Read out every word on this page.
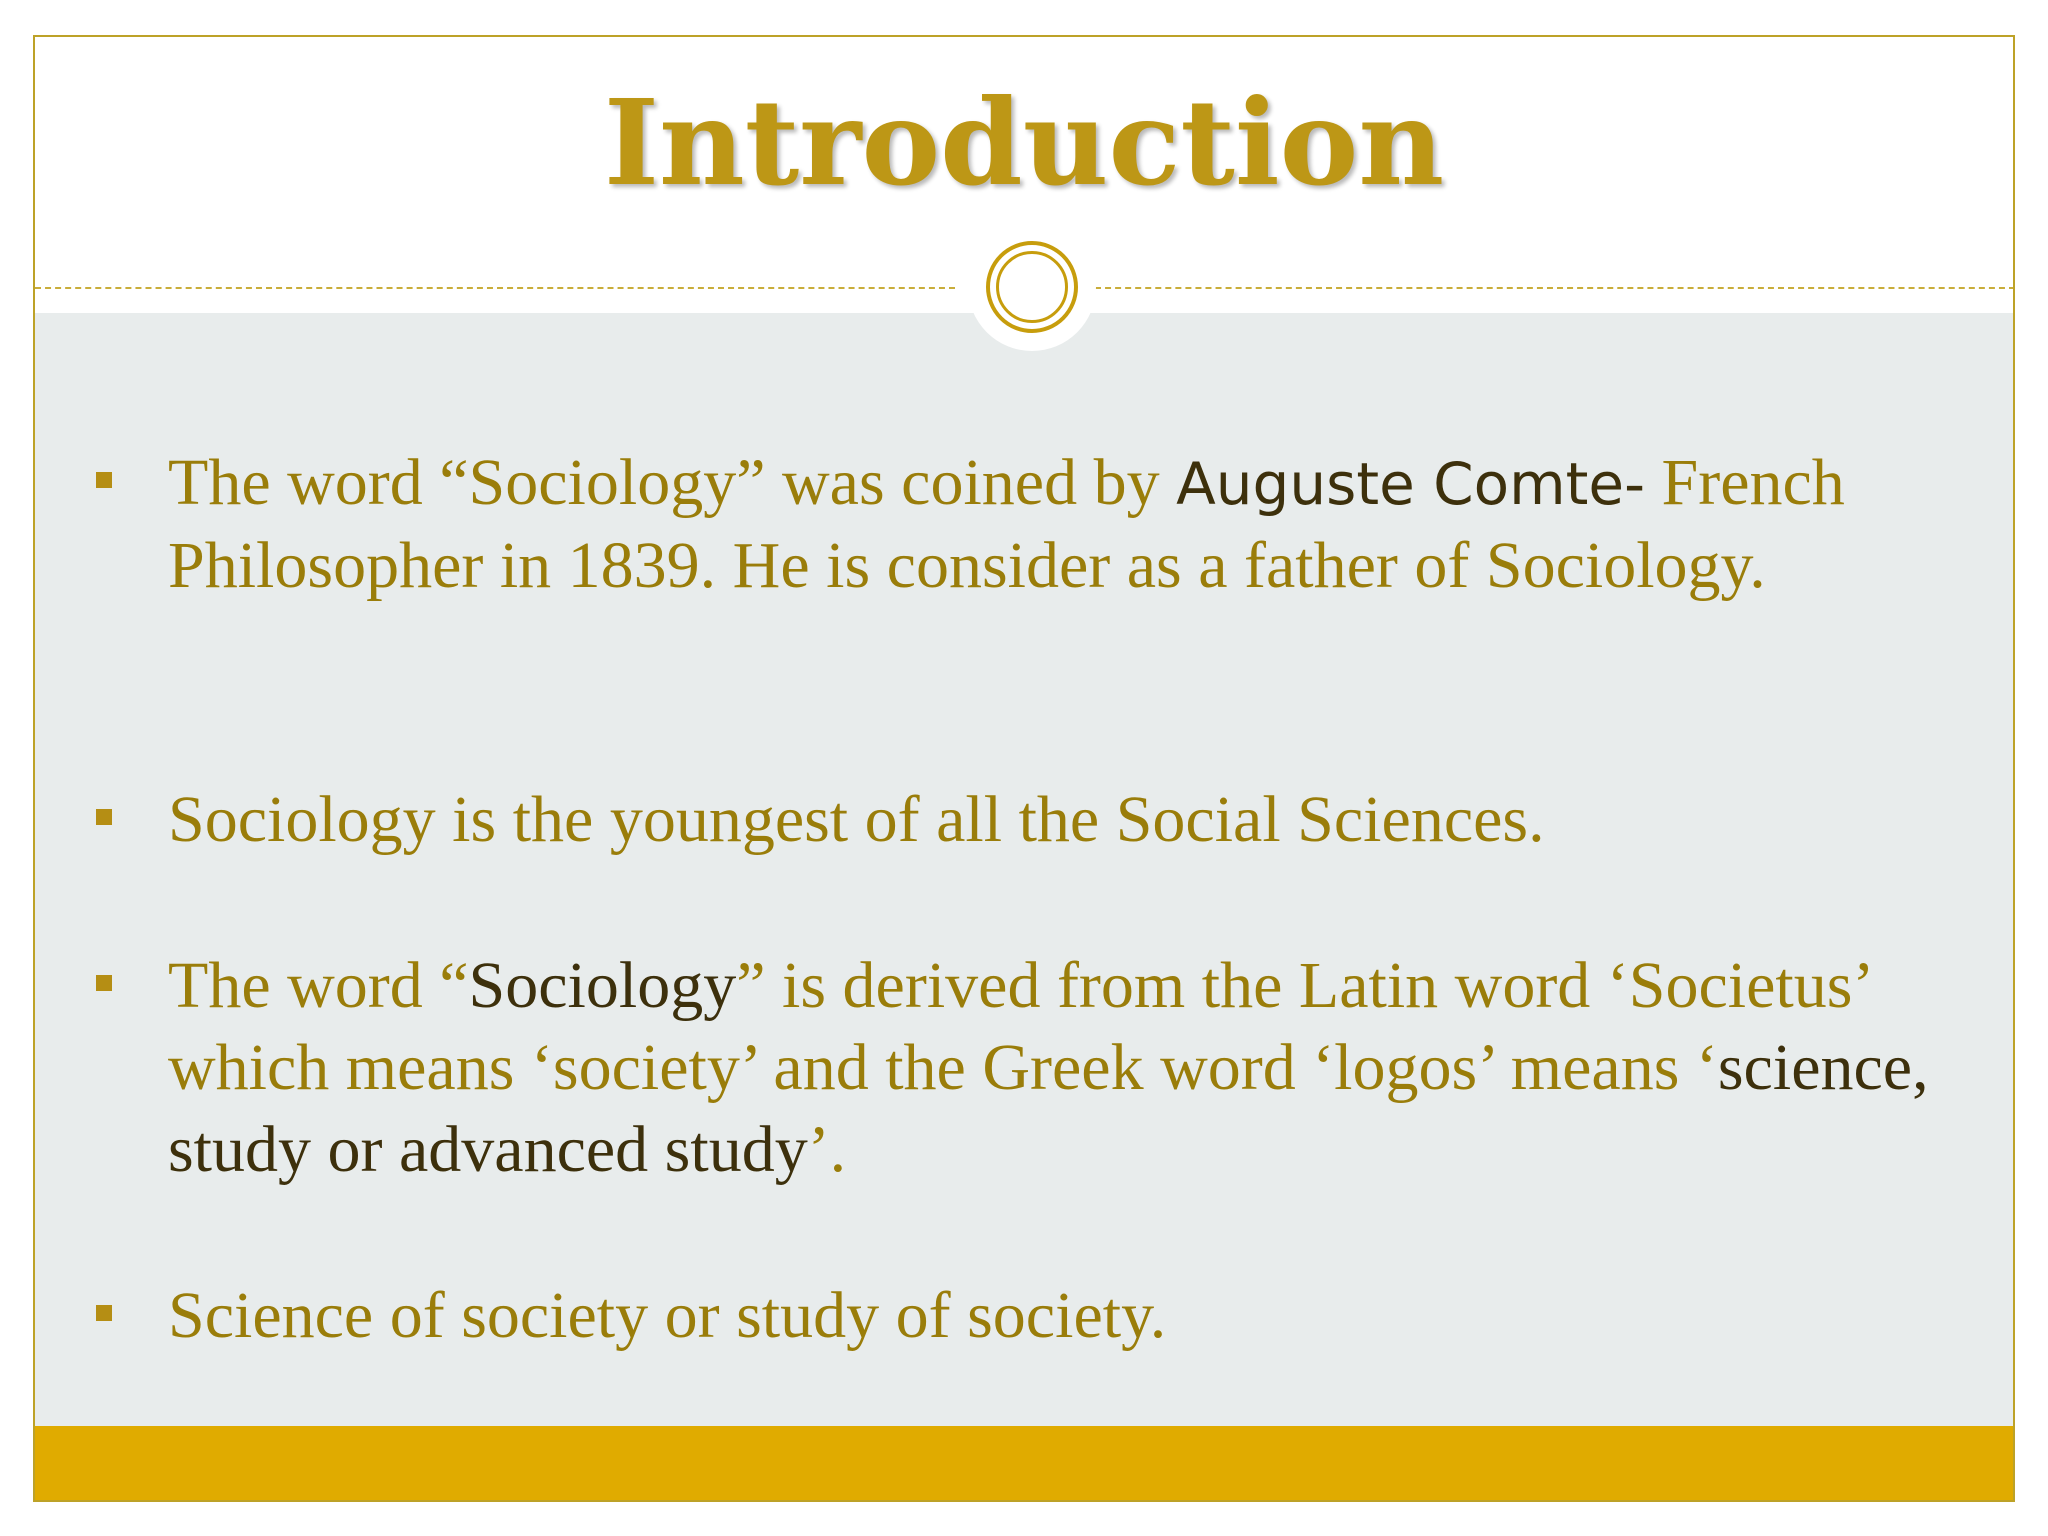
Introduction
The word “Sociology” was coined by Auguste Comte- French Philosopher in 1839. He is consider as a father of Sociology.
Sociology is the youngest of all the Social Sciences.
The word “Sociology” is derived from the Latin word ‘Societus’ which means ‘society’ and the Greek word ‘logos’ means ‘science, study or advanced study’.
Science of society or study of society.
